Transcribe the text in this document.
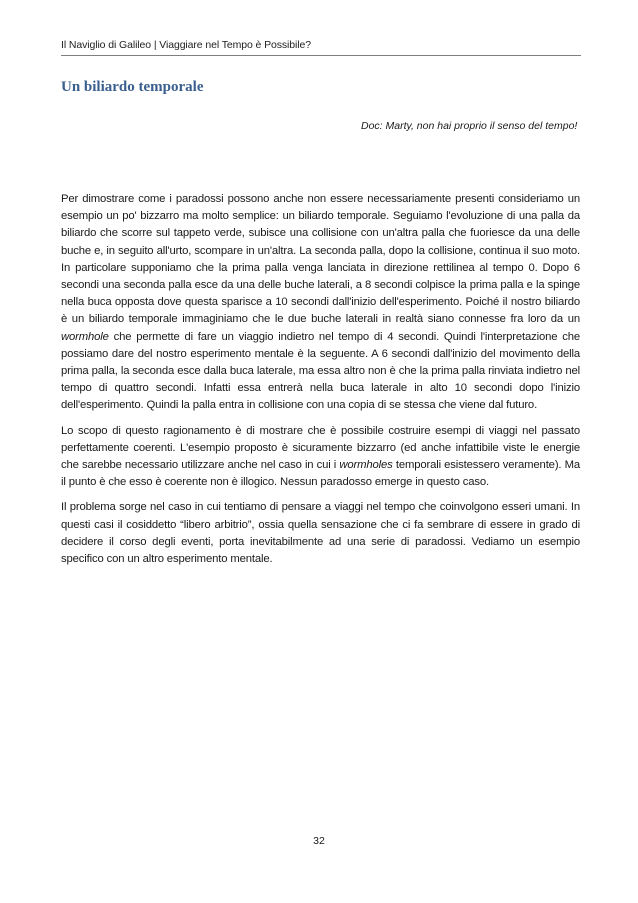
Il Naviglio di Galileo | Viaggiare nel Tempo è Possibile?
Un biliardo temporale

Doc: Marty, non hai proprio il senso del tempo!

Per dimostrare come i paradossi possono anche non essere necessariamente presenti consideriamo un esempio un po' bizzarro ma molto semplice: un biliardo temporale. Seguiamo l'evoluzione di una palla da biliardo che scorre sul tappeto verde, subisce una collisione con un'altra palla che fuoriesce da una delle buche e, in seguito all'urto, scompare in un'altra. La seconda palla, dopo la collisione, continua il suo moto. In particolare supponiamo che la prima palla venga lanciata in direzione rettilinea al tempo 0. Dopo 6 secondi una seconda palla esce da una delle buche laterali, a 8 secondi colpisce la prima palla e la spinge nella buca opposta dove questa sparisce a 10 secondi dall'inizio dell'esperimento. Poiché il nostro biliardo è un biliardo temporale immaginiamo che le due buche laterali in realtà siano connesse fra loro da un wormhole che permette di fare un viaggio indietro nel tempo di 4 secondi. Quindi l'interpretazione che possiamo dare del nostro esperimento mentale è la seguente. A 6 secondi dall'inizio del movimento della prima palla, la seconda esce dalla buca laterale, ma essa altro non è che la prima palla rinviata indietro nel tempo di quattro secondi. Infatti essa entrerà nella buca laterale in alto 10 secondi dopo l'inizio dell'esperimento. Quindi la palla entra in collisione con una copia di se stessa che viene dal futuro.

Lo scopo di questo ragionamento è di mostrare che è possibile costruire esempi di viaggi nel passato perfettamente coerenti. L'esempio proposto è sicuramente bizzarro (ed anche infattibile viste le energie che sarebbe necessario utilizzare anche nel caso in cui i wormholes temporali esistessero veramente). Ma il punto è che esso è coerente non è illogico. Nessun paradosso emerge in questo caso.

Il problema sorge nel caso in cui tentiamo di pensare a viaggi nel tempo che coinvolgono esseri umani. In questi casi il cosiddetto “libero arbitrio”, ossia quella sensazione che ci fa sembrare di essere in grado di decidere il corso degli eventi, porta inevitabilmente ad una serie di paradossi. Vediamo un esempio specifico con un altro esperimento mentale.

32
